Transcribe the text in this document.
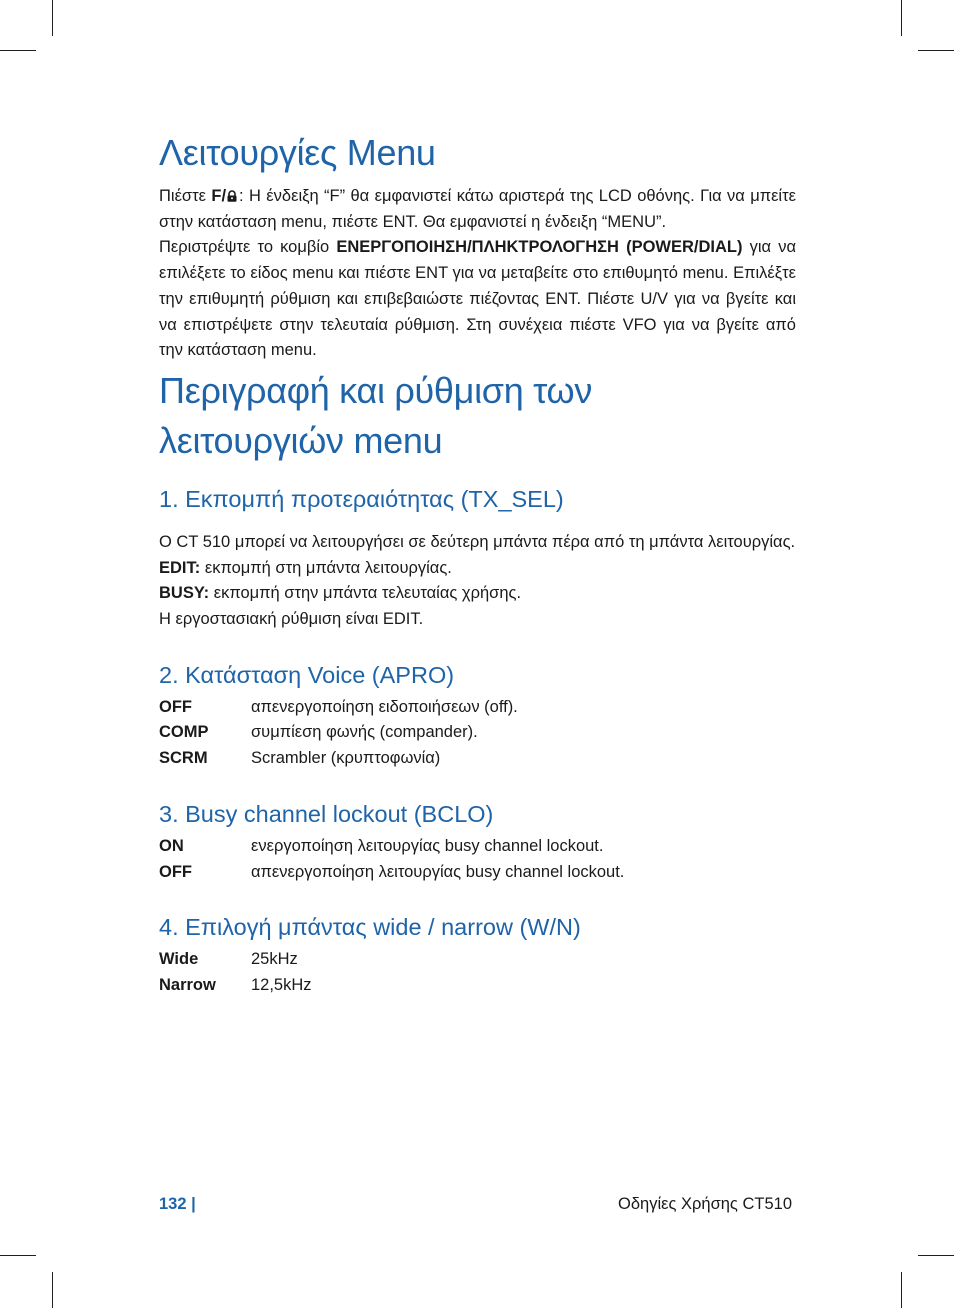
Λειτουργίες Menu

Πιέστε F/ : Η ένδειξη “F” θα εμφανιστεί κάτω αριστερά της LCD οθόνης. Για να μπείτε στην κατάσταση menu, πιέστε ENT. Θα εμφανιστεί η ένδειξη “MENU”.

Περιστρέψτε το κομβίο ΕΝΕΡΓΟΠΟΙΗΣΗ/ΠΛΗΚΤΡΟΛΟΓΗΣΗ (POWER/DIAL) για να επιλέξετε το είδος menu και πιέστε ENT για να μεταβείτε στο επιθυμητό menu. Επιλέξτε την επιθυμητή ρύθμιση και επιβεβαιώστε πιέζοντας ENT. Πιέστε U/V για να βγείτε και να επιστρέψετε στην τελευταία ρύθμιση. Στη συνέχεια πιέστε VFO για να βγείτε από την κατάσταση menu.

Περιγραφή και ρύθμιση των
λειτουργιών menu
1. Εκπομπή προτεραιότητας (TX_SEL)

Ο CT 510 μπορεί να λειτουργήσει σε δεύτερη μπάντα πέρα από τη μπάντα λειτουργίας.

EDIT: εκπομπή στη μπάντα λειτουργίας.

BUSY: εκπομπή στην μπάντα τελευταίας χρήσης.

Η εργοστασιακή ρύθμιση είναι EDIT.

2. Κατάσταση Voice (APRO)
OFF	απενεργοποίηση ειδοποιήσεων (off).
COMP	συμπίεση φωνής (compander).
SCRM	Scrambler (κρυπτοφωνία)
3. Busy channel lockout (BCLO)
ON	ενεργοποίηση λειτουργίας busy channel lockout.
OFF	απενεργοποίηση λειτουργίας busy channel lockout.
4. Επιλογή μπάντας wide / narrow (W/N)
Wide	25kHz
Narrow	12,5kHz
132 |	Οδηγίες Χρήσης CT510
